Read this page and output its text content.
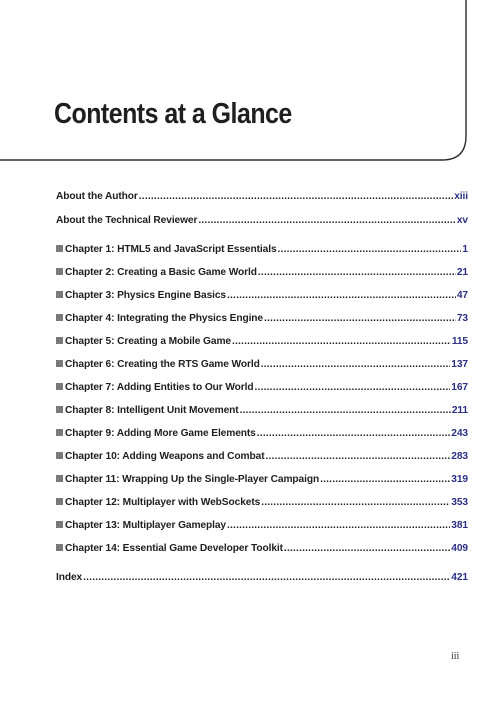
Contents at a Glance
About the Author .....	xiii
About the Technical Reviewer .....	xv
Chapter 1: HTML5 and JavaScript Essentials .....	1
Chapter 2: Creating a Basic Game World .....	21
Chapter 3: Physics Engine Basics .....	47
Chapter 4: Integrating the Physics Engine .....	73
Chapter 5: Creating a Mobile Game .....	115
Chapter 6: Creating the RTS Game World .....	137
Chapter 7: Adding Entities to Our World .....	167
Chapter 8: Intelligent Unit Movement .....	211
Chapter 9: Adding More Game Elements .....	243
Chapter 10: Adding Weapons and Combat .....	283
Chapter 11: Wrapping Up the Single-Player Campaign .....	319
Chapter 12: Multiplayer with WebSockets .....	353
Chapter 13: Multiplayer Gameplay .....	381
Chapter 14: Essential Game Developer Toolkit .....	409
Index .....	421
iii
